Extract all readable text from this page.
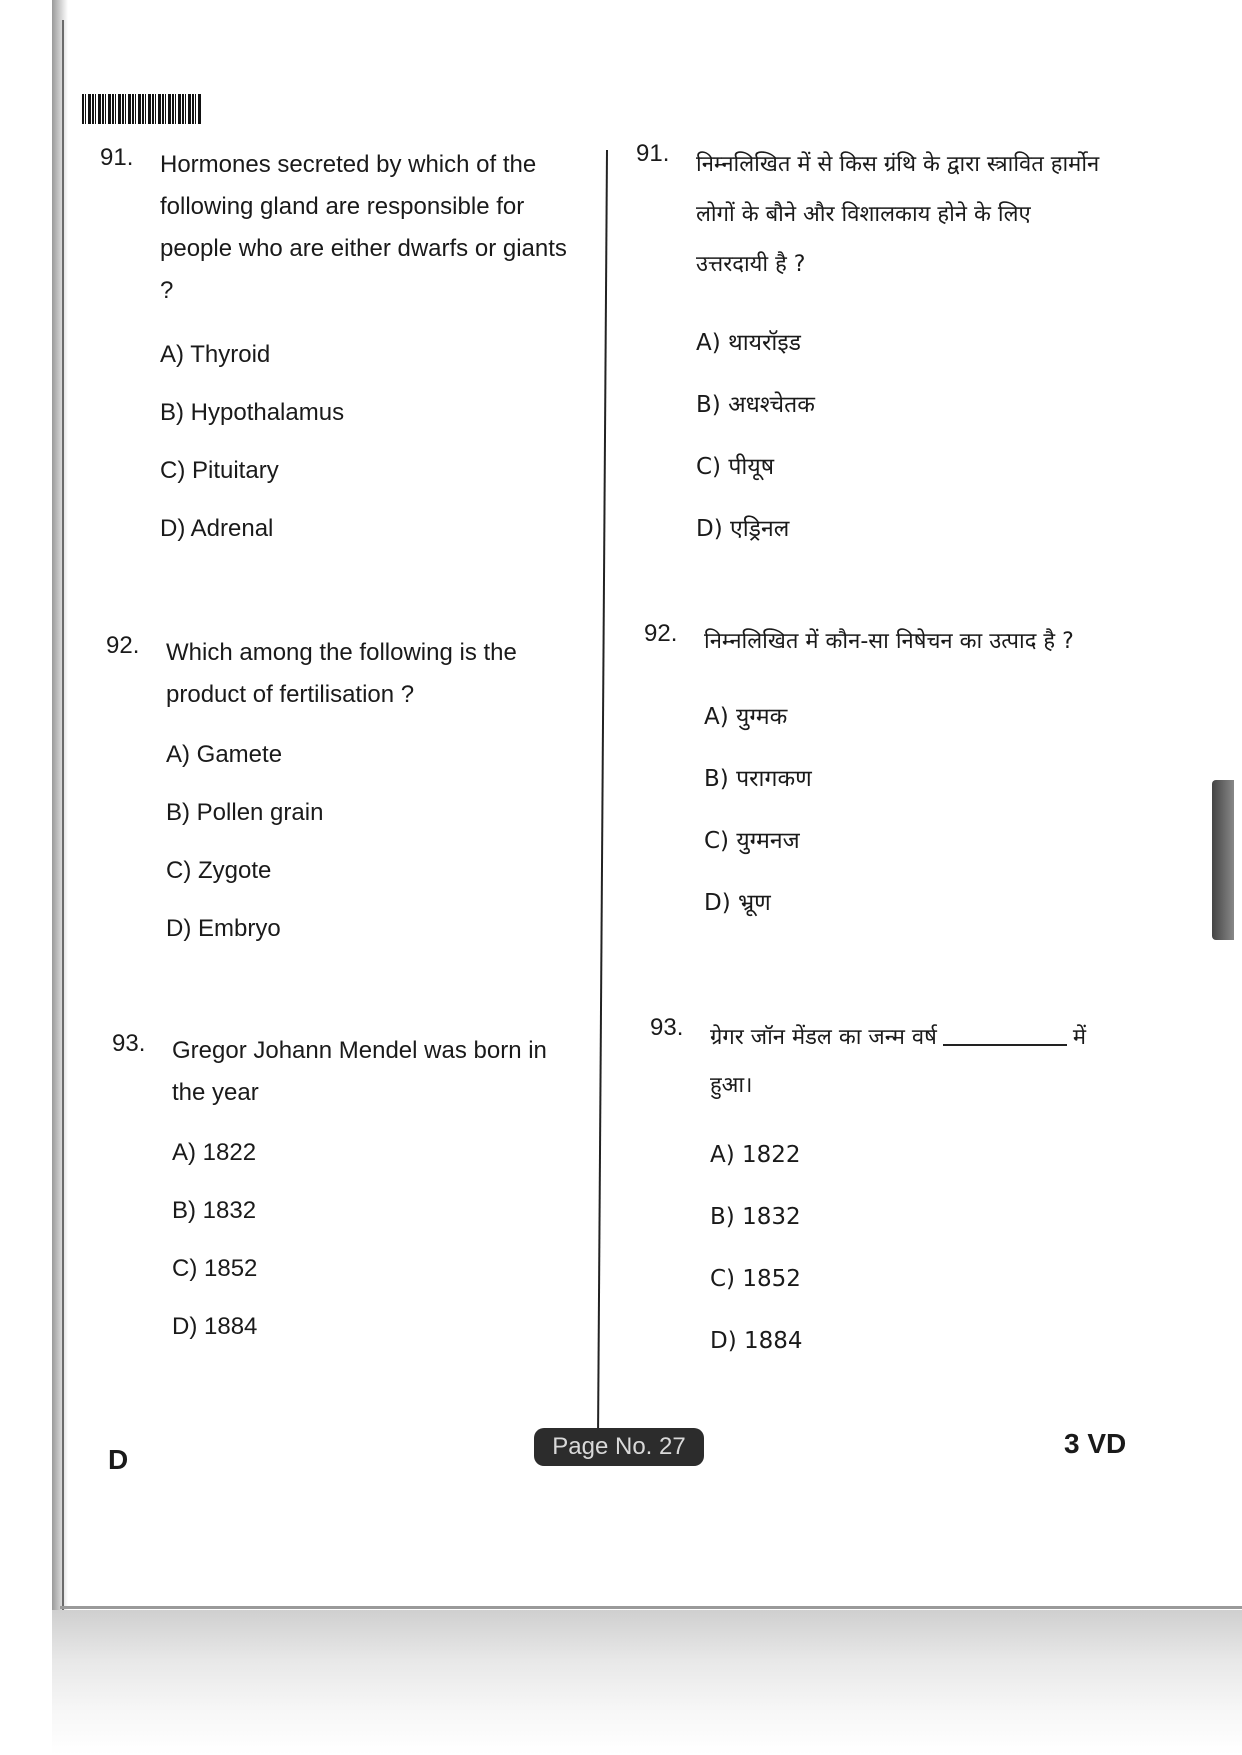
91. Hormones secreted by which of the following gland are responsible for people who are either dwarfs or giants ?
A) Thyroid
B) Hypothalamus
C) Pituitary
D) Adrenal
92. Which among the following is the product of fertilisation ?
A) Gamete
B) Pollen grain
C) Zygote
D) Embryo
93. Gregor Johann Mendel was born in the year
A) 1822
B) 1832
C) 1852
D) 1884
91. निम्नलिखित में से किस ग्रंथि के द्वारा स्त्रावित हार्मोन लोगों के बौने और विशालकाय होने के लिए उत्तरदायी है ?
A) थायरॉइड
B) अधश्चेतक
C) पीयूष
D) एड्रिनल
92. निम्नलिखित में कौन-सा निषेचन का उत्पाद है ?
A) युग्मक
B) परागकण
C) युग्मनज
D) भ्रूण
93. ग्रेगर जॉन मेंडल का जन्म वर्ष	में हुआ।
A) 1822
B) 1832
C) 1852
D) 1884
D	Page No. 27	3 VD
